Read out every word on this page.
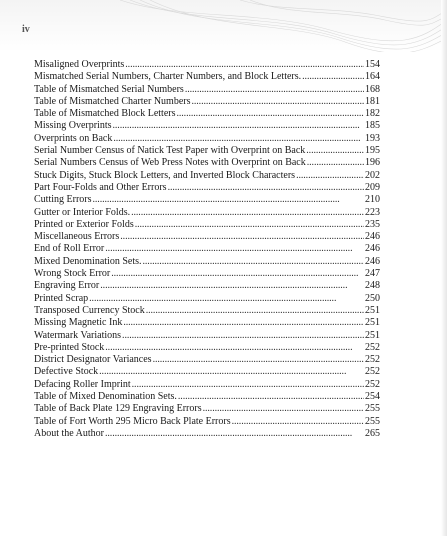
iv
Misaligned Overprints . . .	154
Mismatched Serial Numbers, Charter Numbers, and Block Letters. . . .	164
Table of Mismatched Serial Numbers . . .	168
Table of Mismatched Charter Numbers . . .	181
Table of Mismatched Block Letters . . .	182
Missing Overprints . . .	185
Overprints on Back . . .	193
Serial Number Census of Natick Test Paper with Overprint on Back . . .	195
Serial Numbers Census of Web Press Notes with Overprint on Back . . .	196
Stuck Digits, Stuck Block Letters, and Inverted Block Characters . . .	202
Part Four-Folds and Other Errors . . .	209
Cutting Errors . . .	210
Gutter or Interior Folds. . . .	223
Printed or Exterior Folds . . .	235
Miscellaneous Errors . . .	246
End of Roll Error . . .	246
Mixed Denomination Sets. . . .	246
Wrong Stock Error . . .	247
Engraving Error . . .	248
Printed Scrap . . .	250
Transposed Currency Stock . . .	251
Missing Magnetic Ink . . .	251
Watermark Variations . . .	251
Pre-printed Stock . . .	252
District Designator Variances . . .	252
Defective Stock . . .	252
Defacing Roller Imprint . . .	252
Table of Mixed Denomination Sets. . . .	254
Table of Back Plate 129 Engraving Errors . . .	255
Table of Fort Worth 295 Micro Back Plate Errors . . .	255
About the Author . . .	265
